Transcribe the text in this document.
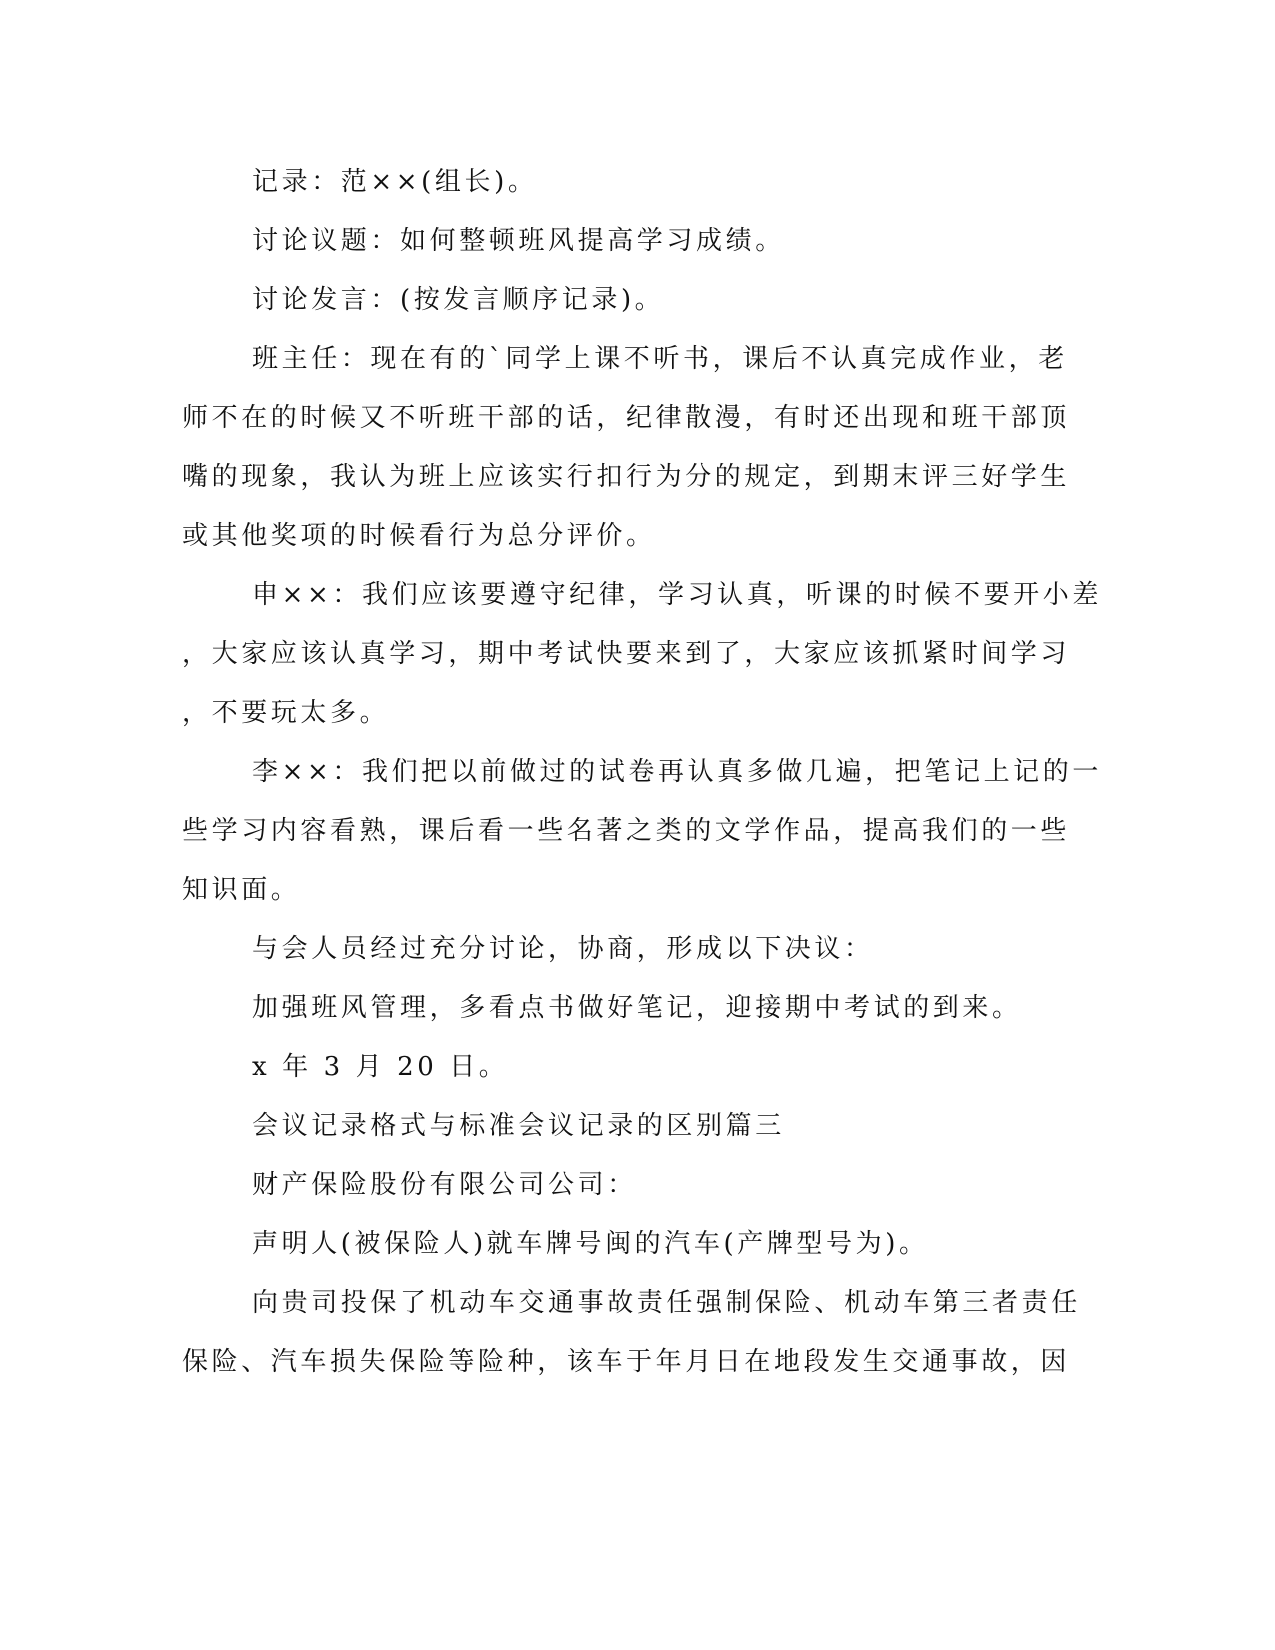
记录：范××(组长)。
讨论议题：如何整顿班风提高学习成绩。
讨论发言：(按发言顺序记录)。
班主任：现在有的`同学上课不听书，课后不认真完成作业，老
师不在的时候又不听班干部的话，纪律散漫，有时还出现和班干部顶
嘴的现象，我认为班上应该实行扣行为分的规定，到期末评三好学生
或其他奖项的时候看行为总分评价。
申××：我们应该要遵守纪律，学习认真，听课的时候不要开小差
，大家应该认真学习，期中考试快要来到了，大家应该抓紧时间学习
，不要玩太多。
李××：我们把以前做过的试卷再认真多做几遍，把笔记上记的一
些学习内容看熟，课后看一些名著之类的文学作品，提高我们的一些
知识面。
与会人员经过充分讨论，协商，形成以下决议：
加强班风管理，多看点书做好笔记，迎接期中考试的到来。
x 年 3 月 20 日。
会议记录格式与标准会议记录的区别篇三
财产保险股份有限公司公司：
声明人(被保险人)就车牌号闽的汽车(产牌型号为)。
向贵司投保了机动车交通事故责任强制保险、机动车第三者责任
保险、汽车损失保险等险种，该车于年月日在地段发生交通事故，因
